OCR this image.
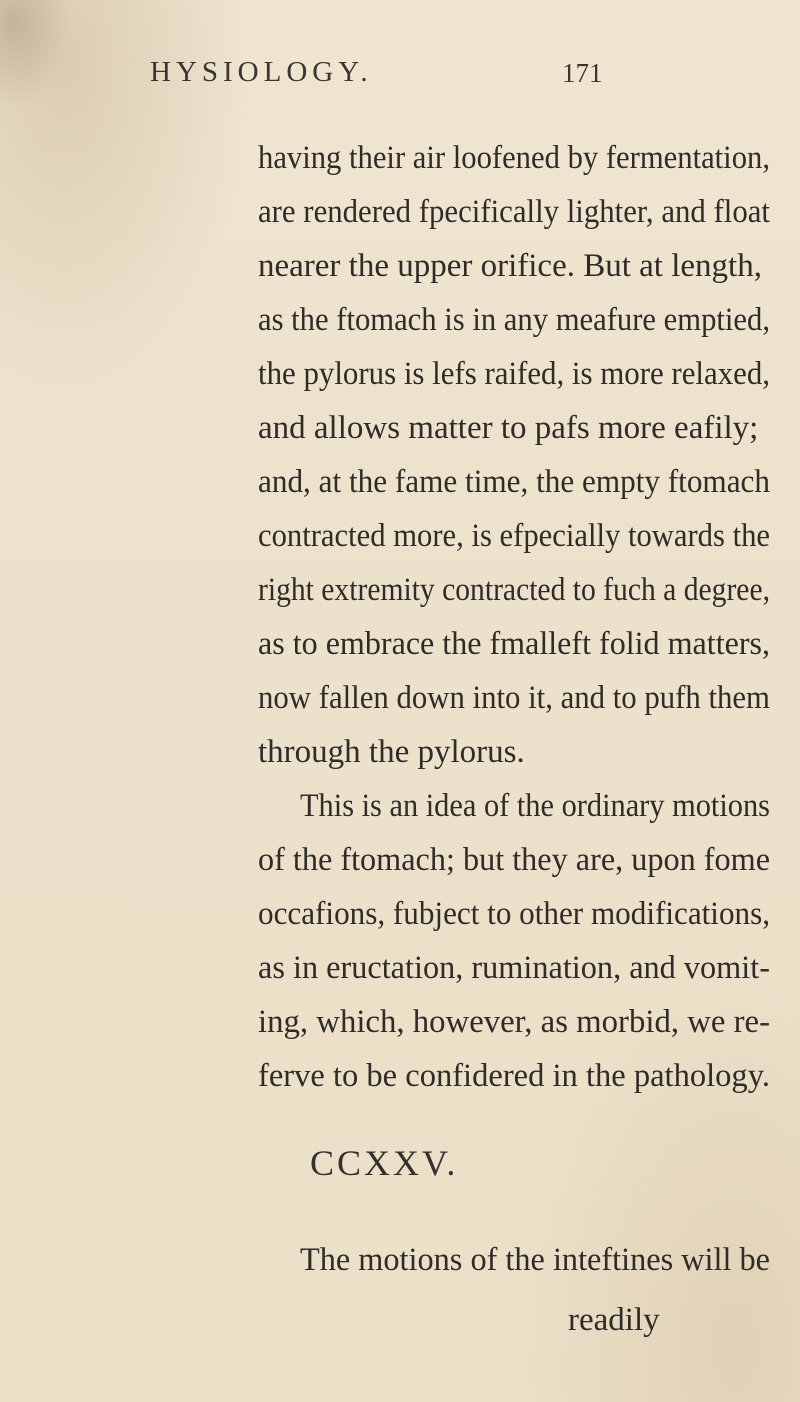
HYSIOLOGY.	171
having their air loofened by fermentation,
are rendered fpecifically lighter, and float
nearer the upper orifice. But at length,
as the ftomach is in any meafure emptied,
the pylorus is lefs raifed, is more relaxed,
and allows matter to pafs more eafily;
and, at the fame time, the empty ftomach
contracted more, is efpecially towards the
right extremity contracted to fuch a degree,
as to embrace the fmalleft folid matters,
now fallen down into it, and to pufh them
through the pylorus.
This is an idea of the ordinary motions
of the ftomach; but they are, upon fome
occafions, fubject to other modifications,
as in eructation, rumination, and vomit-
ing, which, however, as morbid, we re-
ferve to be confidered in the pathology.
CCXXV.
The motions of the inteftines will be
readily
